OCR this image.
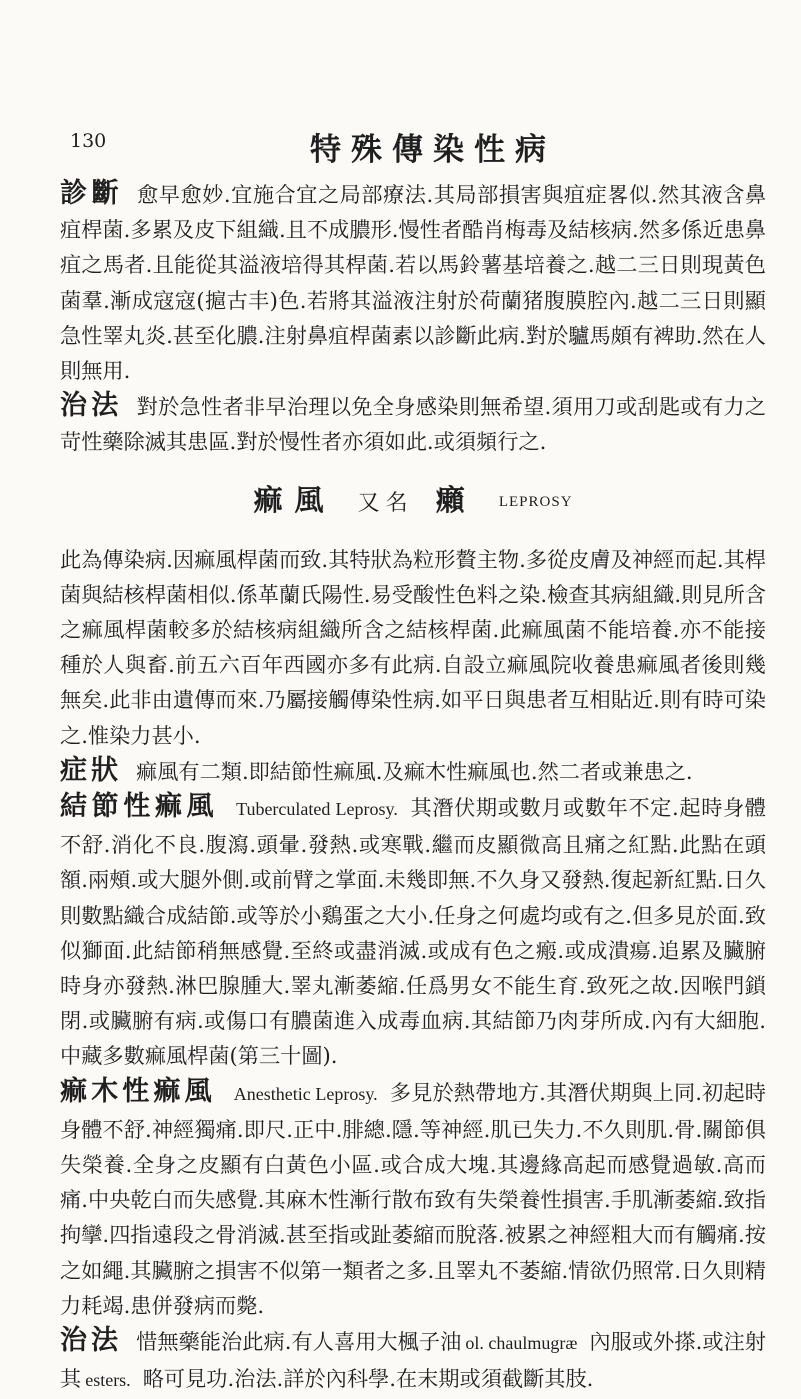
130	特殊傳染性病

診斷 愈早愈妙.宜施合宜之局部療法.其局部損害與疽症畧似.然其液含鼻疽桿菌.多累及皮下組織.且不成膿形.慢性者酷肖梅毒及結核病.然多係近患鼻疽之馬者.且能從其溢液培得其桿菌.若以馬鈴薯基培養之.越二三日則現黃色菌羣.漸成寇寇(㨭古丰)色.若將其溢液注射於荷蘭猪腹膜腔內.越二三日則顯急性睪丸炎.甚至化膿.注射鼻疽桿菌素以診斷此病.對於驢馬頗有裨助.然在人則無用.

治法 對於急性者非早治理以免全身感染則無希望.須用刀或刮匙或有力之苛性藥除滅其患區.對於慢性者亦須如此.或須頻行之.

痲風 又名 癩 LEPROSY

此為傳染病.因痲風桿菌而致.其特狀為粒形贅主物.多從皮膚及神經而起.其桿菌與結核桿菌相似.係革蘭氏陽性.易受酸性色料之染.檢查其病組織.則見所含之痲風桿菌較多於結核病組織所含之結核桿菌.此痲風菌不能培養.亦不能接種於人與畜.前五六百年西國亦多有此病.自設立痲風院收養患痲風者後則幾無矣.此非由遺傳而來.乃屬接觸傳染性病.如平日與患者互相貼近.則有時可染之.惟染力甚小.

症狀 痲風有二類.即結節性痲風.及痲木性痲風也.然二者或兼患之.

結節性痲風 Tuberculated Leprosy. 其潛伏期或數月或數年不定.起時身體不舒.消化不良.腹瀉.頭暈.發熱.或寒戰.繼而皮顯微高且痛之紅點.此點在頭額.兩頰.或大腿外側.或前臂之掌面.未幾即無.不久身又發熱.復起新紅點.日久則數點織合成結節.或等於小鷄蛋之大小.任身之何處均或有之.但多見於面.致似獅面.此結節稍無感覺.至終或盡消滅.或成有色之瘢.或成潰瘍.追累及臟腑時身亦發熱.淋巴腺腫大.睪丸漸萎縮.任爲男女不能生育.致死之故.因喉門鎖閉.或臟腑有病.或傷口有膿菌進入成毒血病.其結節乃肉芽所成.內有大細胞.中藏多數痲風桿菌(第三十圖).

痲木性痲風 Anesthetic Leprosy. 多見於熱帶地方.其潛伏期與上同.初起時身體不舒.神經獨痛.即尺.正中.腓總.隱.等神經.肌已失力.不久則肌.骨.關節俱失榮養.全身之皮顯有白黃色小區.或合成大塊.其邊緣高起而感覺過敏.高而痛.中央乾白而失感覺.其麻木性漸行散布致有失榮養性損害.手肌漸萎縮.致指拘攣.四指遠段之骨消滅.甚至指或趾萎縮而脫落.被累之神經粗大而有觸痛.按之如繩.其臟腑之損害不似第一類者之多.且睪丸不萎縮.情欲仍照常.日久則精力耗竭.患併發病而斃.

治法 惜無藥能治此病.有人喜用大楓子油 ol. chaulmugræ 內服或外搽.或注射其 esters. 略可見功.治法.詳於內科學.在末期或須截斷其肢.
